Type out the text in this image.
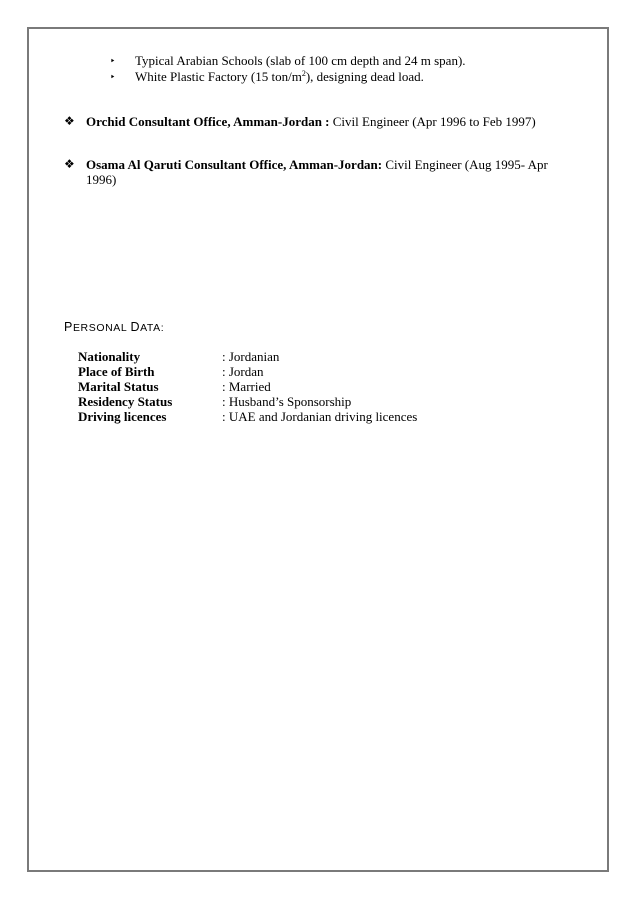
‣ Typical Arabian Schools (slab of 100 cm depth and 24 m span).
‣ White Plastic Factory (15 ton/$m^2$), designing dead load.
❖ Orchid Consultant Office, Amman-Jordan : Civil Engineer (Apr 1996 to Feb 1997)
❖ Osama Al Qaruti Consultant Office, Amman-Jordan: Civil Engineer (Aug 1995- Apr 1996)
PERSONAL DATA:
Nationality	: Jordanian
Place of Birth	: Jordan
Marital Status	: Married
Residency Status	: Husband’s Sponsorship
Driving licences	: UAE and Jordanian driving licences
